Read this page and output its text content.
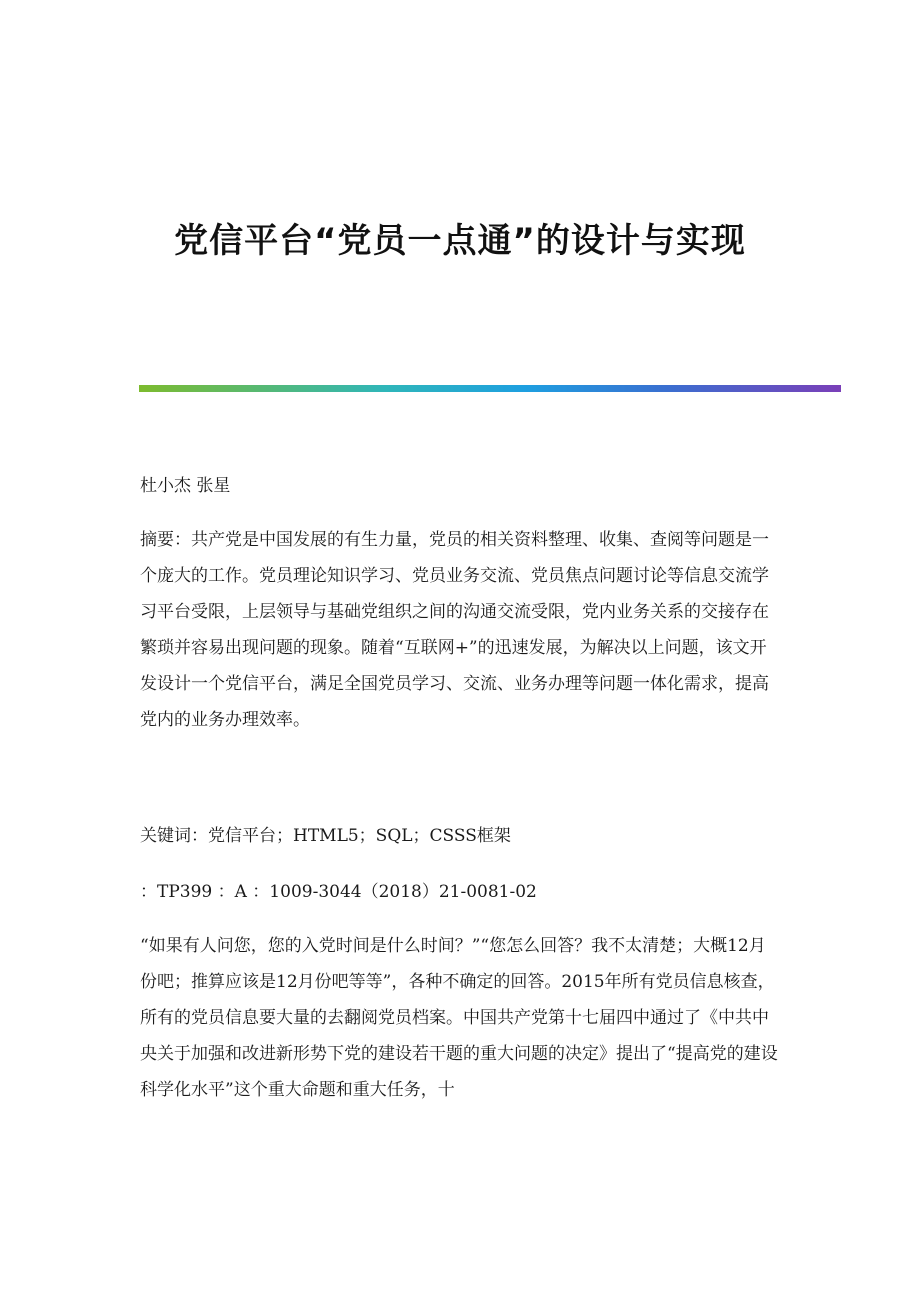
党信平台“党员一点通”的设计与实现

杜小杰 张星

摘要：共产党是中国发展的有生力量，党员的相关资料整理、收集、查阅等问题是一个庞大的工作。党员理论知识学习、党员业务交流、党员焦点问题讨论等信息交流学习平台受限，上层领导与基础党组织之间的沟通交流受限，党内业务关系的交接存在繁琐并容易出现问题的现象。随着“互联网+”的迅速发展，为解决以上问题，该文开发设计一个党信平台，满足全国党员学习、交流、业务办理等问题一体化需求，提高党内的业务办理效率。

关键词：党信平台；HTML5；SQL；CSSS框架

：TP399 ：A ：1009-3044（2018）21-0081-02

“如果有人问您，您的入党时间是什么时间？”“您怎么回答？我不太清楚；大概12月份吧；推算应该是12月份吧等等”，各种不确定的回答。2015年所有党员信息核查，所有的党员信息要大量的去翻阅党员档案。中国共产党第十七届四中通过了《中共中央关于加强和改进新形势下党的建设若干题的重大问题的决定》提出了“提高党的建设科学化水平”这个重大命题和重大任务，十
